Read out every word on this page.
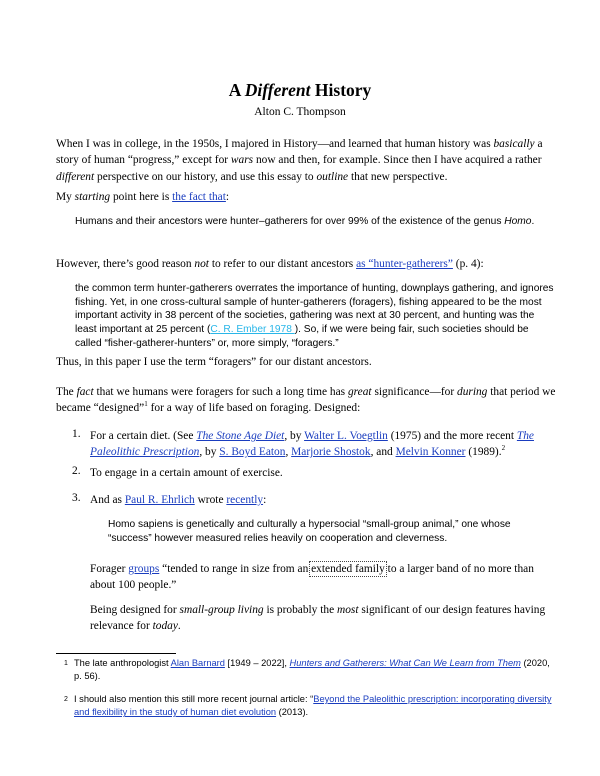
A Different History
Alton C. Thompson
When I was in college, in the 1950s, I majored in History—and learned that human history was basically a story of human “progress,” except for wars now and then, for example. Since then I have acquired a rather different perspective on our history, and use this essay to outline that new perspective.
My starting point here is the fact that:
Humans and their ancestors were hunter–gatherers for over 99% of the existence of the genus Homo.
However, there’s good reason not to refer to our distant ancestors as “hunter-gatherers” (p. 4):
the common term hunter-gatherers overrates the importance of hunting, downplays gathering, and ignores fishing. Yet, in one cross-cultural sample of hunter-gatherers (foragers), fishing appeared to be the most important activity in 38 percent of the societies, gathering was next at 30 percent, and hunting was the least important at 25 percent (C. R. Ember 1978 ). So, if we were being fair, such societies should be called “fisher-gatherer-hunters” or, more simply, “foragers.”
Thus, in this paper I use the term “foragers” for our distant ancestors.
The fact that we humans were foragers for such a long time has great significance—for during that period we became “designed”$^1$ for a way of life based on foraging. Designed:
1. For a certain diet. (See The Stone Age Diet, by Walter L. Voegtlin (1975) and the more recent The Paleolithic Prescription, by S. Boyd Eaton, Marjorie Shostok, and Melvin Konner (1989).$^2$
2. To engage in a certain amount of exercise.
3. And as Paul R. Ehrlich wrote recently:
Homo sapiens is genetically and culturally a hypersocial “small-group animal,” one whose “success” however measured relies heavily on cooperation and cleverness.
Forager groups “tended to range in size from an extended family to a larger band of no more than about 100 people.”
Being designed for small-group living is probably the most significant of our design features having relevance for today.
1 The late anthropologist Alan Barnard [1949 – 2022], Hunters and Gatherers: What Can We Learn from Them (2020, p. 56).
2 I should also mention this still more recent journal article: “Beyond the Paleolithic prescription: incorporating diversity and flexibility in the study of human diet evolution (2013).
